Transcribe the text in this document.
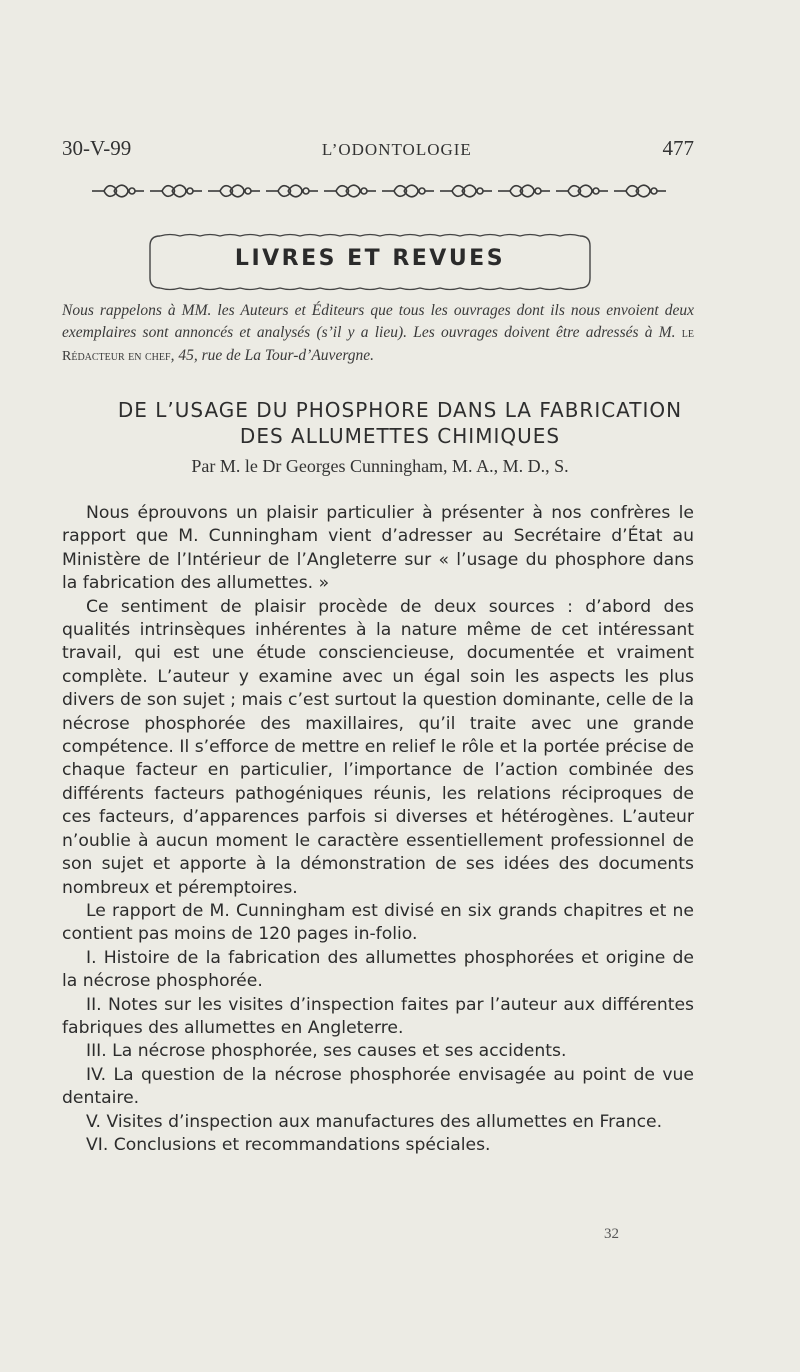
30-V-99	L’ODONTOLOGIE	477
LIVRES ET REVUES
Nous rappelons à MM. les Auteurs et Éditeurs que tous les ouvrages dont ils nous envoient deux exemplaires sont annoncés et analysés (s’il y a lieu). Les ouvrages doivent être adressés à M. le Rédacteur en chef, 45, rue de La Tour-d’Auvergne.
DE L’USAGE DU PHOSPHORE DANS LA FABRICATION
DES ALLUMETTES CHIMIQUES
Par M. le Dr Georges Cunningham, M. A., M. D., S.

Nous éprouvons un plaisir particulier à présenter à nos confrères le rapport que M. Cunningham vient d’adresser au Secrétaire d’État au Ministère de l’Intérieur de l’Angleterre sur « l’usage du phosphore dans la fabrication des allumettes. »

Ce sentiment de plaisir procède de deux sources : d’abord des qualités intrinsèques inhérentes à la nature même de cet intéressant travail, qui est une étude consciencieuse, documentée et vraiment complète. L’auteur y examine avec un égal soin les aspects les plus divers de son sujet ; mais c’est surtout la question dominante, celle de la nécrose phosphorée des maxillaires, qu’il traite avec une grande compétence. Il s’efforce de mettre en relief le rôle et la portée précise de chaque facteur en particulier, l’importance de l’action combinée des différents facteurs pathogéniques réunis, les relations réciproques de ces facteurs, d’apparences parfois si diverses et hétérogènes. L’auteur n’oublie à aucun moment le caractère essentiellement professionnel de son sujet et apporte à la démonstration de ses idées des documents nombreux et péremptoires.

Le rapport de M. Cunningham est divisé en six grands chapitres et ne contient pas moins de 120 pages in-folio.

I. Histoire de la fabrication des allumettes phosphorées et origine de la nécrose phosphorée.

II. Notes sur les visites d’inspection faites par l’auteur aux différentes fabriques des allumettes en Angleterre.

III. La nécrose phosphorée, ses causes et ses accidents.

IV. La question de la nécrose phosphorée envisagée au point de vue dentaire.

V. Visites d’inspection aux manufactures des allumettes en France.

VI. Conclusions et recommandations spéciales.

32
